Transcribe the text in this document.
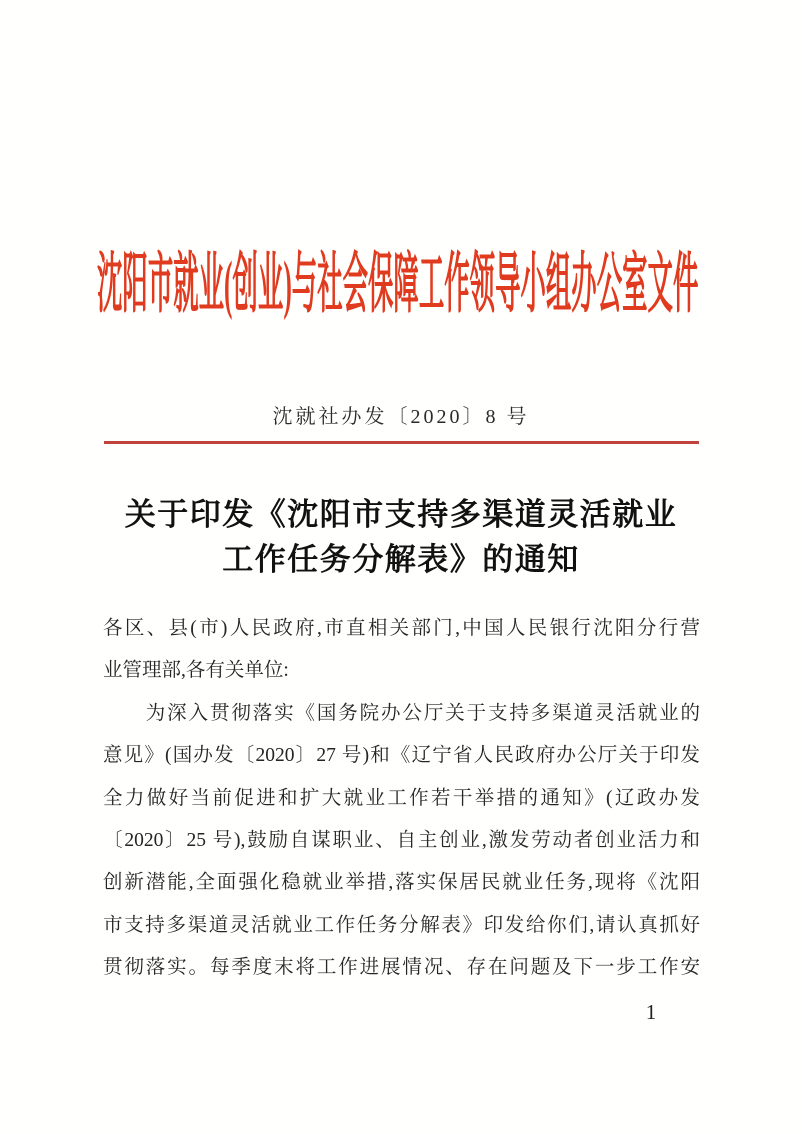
沈阳市就业(创业)与社会保障工作领导小组办公室文件
沈就社办发〔2020〕8 号
关于印发《沈阳市支持多渠道灵活就业
工作任务分解表》的通知
各区、县(市)人民政府,市直相关部门,中国人民银行沈阳分行营
业管理部,各有关单位:
　　为深入贯彻落实《国务院办公厅关于支持多渠道灵活就业的
意见》(国办发〔2020〕27 号)和《辽宁省人民政府办公厅关于印发
全力做好当前促进和扩大就业工作若干举措的通知》(辽政办发
〔2020〕25 号),鼓励自谋职业、自主创业,激发劳动者创业活力和
创新潜能,全面强化稳就业举措,落实保居民就业任务,现将《沈阳
市支持多渠道灵活就业工作任务分解表》印发给你们,请认真抓好
贯彻落实。每季度末将工作进展情况、存在问题及下一步工作安
1
